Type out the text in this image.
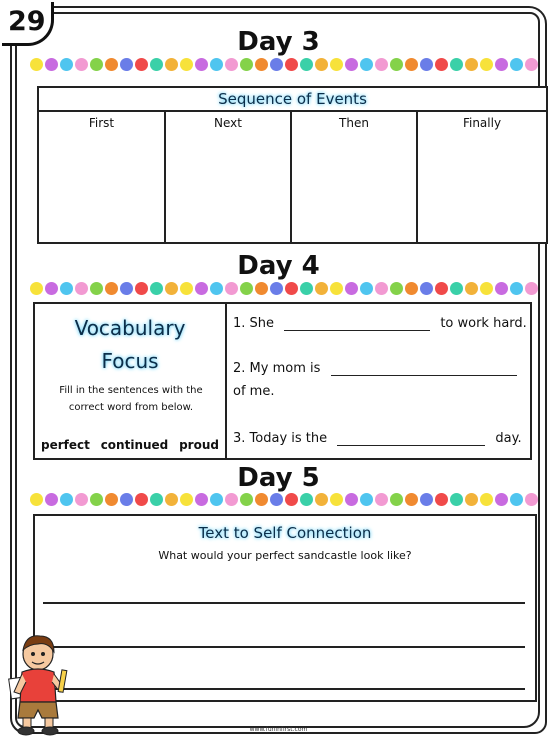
29
Day 3
Sequence of Events
First	Next	Then	Finally
Day 4
Vocabulary
Focus
Fill in the sentences with the correct word from below.
perfect continued proud
1. She	to work hard.
2. My mom is
of me.
3. Today is the	day.
Day 5
Text to Self Connection
What would your perfect sandcastle look like?
www.funinfirst.com
